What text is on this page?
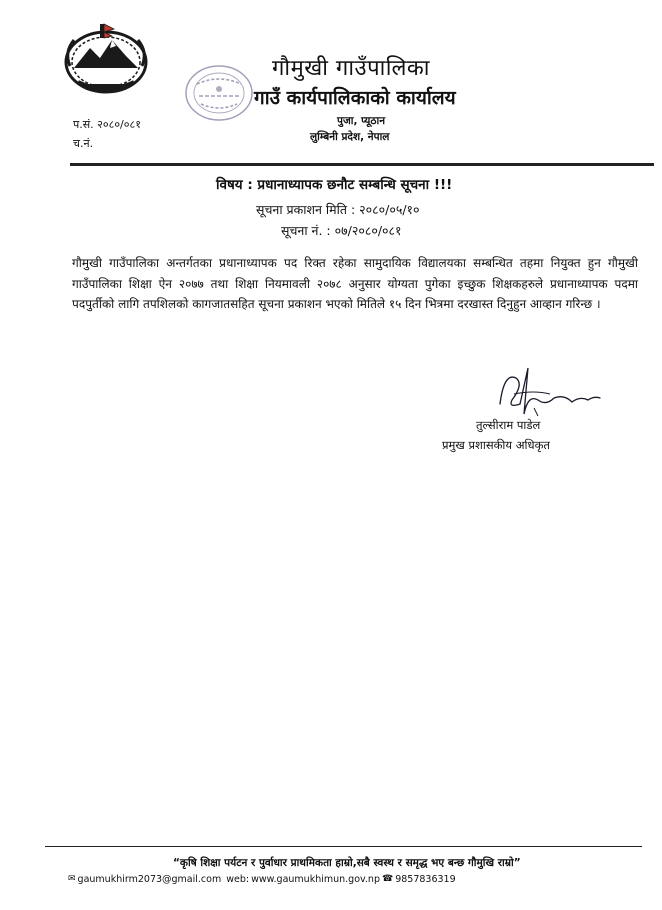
गौमुखी गाउँपालिका
गाउँ कार्यपालिकाको कार्यालय
पुजा, प्यूठान
लुम्बिनी प्रदेश, नेपाल
प.सं. २०८०/०८१
च.नं.
विषय : प्रधानाध्यापक छनौट सम्बन्धि सूचना !!!
सूचना प्रकाशन मिति : २०८०/०५/१०
सूचना नं. : ०७/२०८०/०८१
गौमुखी गाउँपालिका अन्तर्गतका प्रधानाध्यापक पद रिक्त रहेका सामुदायिक विद्यालयका सम्बन्धित तहमा नियुक्त हुन गौमुखी गाउँपालिका शिक्षा ऐन २०७७ तथा शिक्षा नियमावली २०७८ अनुसार योग्यता पुगेका इच्छुक शिक्षकहरुले प्रधानाध्यापक पदमा पदपुर्तीको लागि तपशिलको कागजातसहित सूचना प्रकाशन भएको मितिले १५ दिन भित्रमा दरखास्त दिनुहुन आव्हान गरिन्छ ।
तुल्सीराम पाडेल
प्रमुख प्रशासकीय अधिकृत
“कृषि शिक्षा पर्यटन र पुर्वाधार प्राथमिकता हाम्रो,सबै स्वस्थ र समृद्ध भए बन्छ गौमुखि राम्रो”
✉ gaumukhirm2073@gmail.com web: www.gaumukhimun.gov.np ☎ 9857836319
